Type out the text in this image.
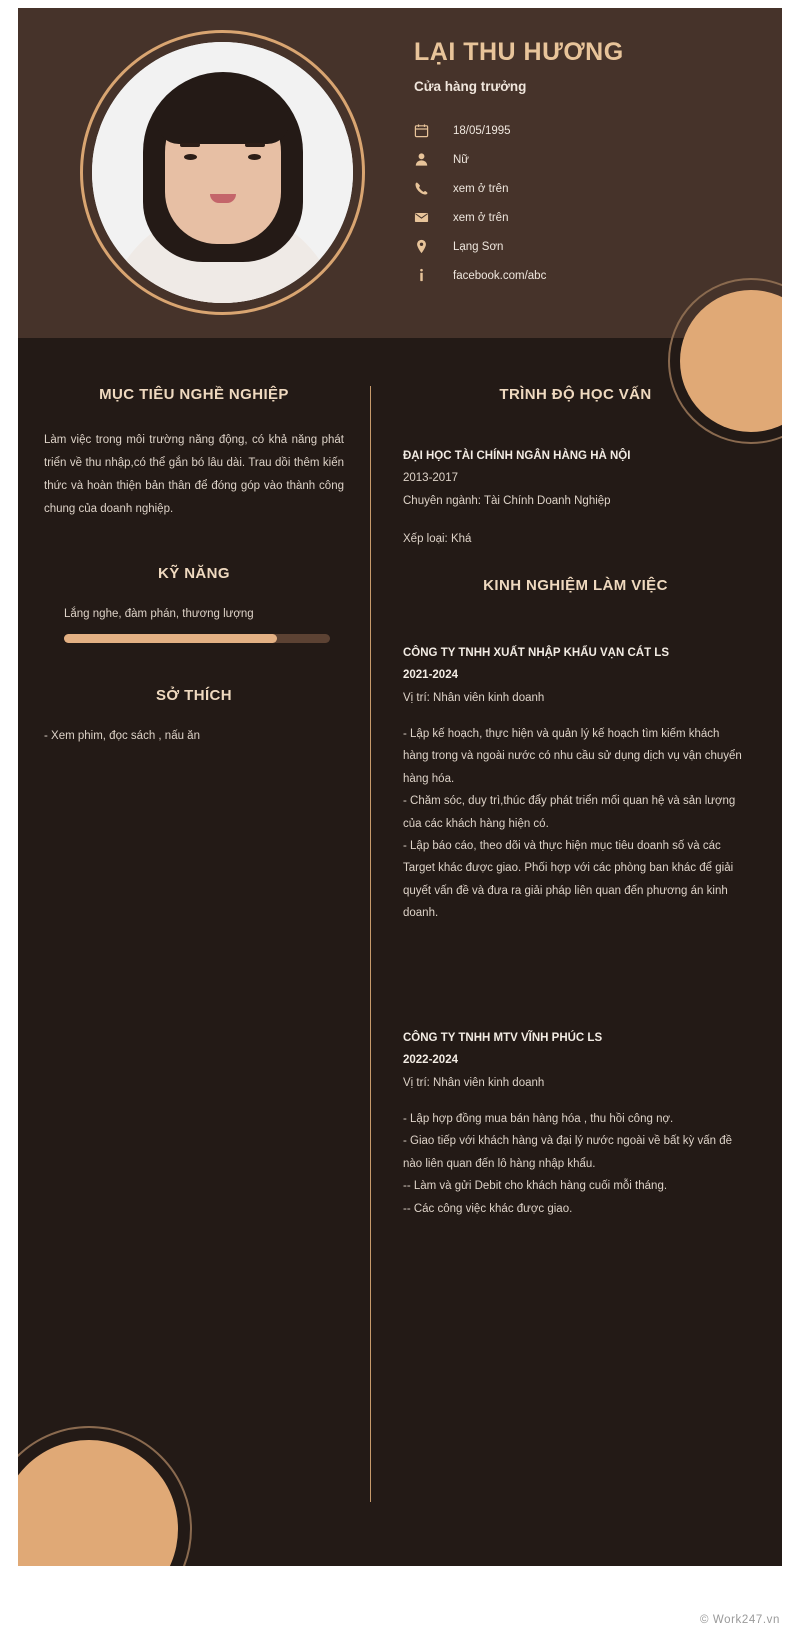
LẠI THU HƯƠNG
Cửa hàng trưởng
18/05/1995
Nữ
xem ở trên
xem ở trên
Lạng Sơn
facebook.com/abc
MỤC TIÊU NGHỀ NGHIỆP
Làm việc trong môi trường năng động, có khả năng phát triển về thu nhập,có thể gắn bó lâu dài. Trau dồi thêm kiến thức và hoàn thiện bản thân để đóng góp vào thành công chung của doanh nghiệp.
KỸ NĂNG
Lắng nghe, đàm phán, thương lượng
SỞ THÍCH
- Xem phim, đọc sách , nấu ăn
TRÌNH ĐỘ HỌC VẤN
ĐẠI HỌC TÀI CHÍNH NGÂN HÀNG HÀ NỘI
2013-2017
Chuyên ngành: Tài Chính Doanh Nghiệp
Xếp loại: Khá
KINH NGHIỆM LÀM VIỆC
CÔNG TY TNHH XUẤT NHẬP KHẨU VẠN CÁT LS
2021-2024
Vị trí: Nhân viên kinh doanh
- Lập kế hoạch, thực hiện và quản lý kế hoạch tìm kiếm khách hàng trong và ngoài nước có nhu cầu sử dụng dịch vụ vận chuyển hàng hóa.
- Chăm sóc, duy trì,thúc đẩy phát triển mối quan hệ và sản lượng của các khách hàng hiện có.
- Lập báo cáo, theo dõi và thực hiện mục tiêu doanh số và các Target khác được giao. Phối hợp với các phòng ban khác để giải quyết vấn đề và đưa ra giải pháp liên quan đến phương án kinh doanh.
CÔNG TY TNHH MTV VĨNH PHÚC LS
2022-2024
Vị trí: Nhân viên kinh doanh
- Lập hợp đồng mua bán hàng hóa , thu hồi công nợ.
- Giao tiếp với khách hàng và đại lý nước ngoài về bất kỳ vấn đề nào liên quan đến lô hàng nhập khẩu.
-- Làm và gửi Debit cho khách hàng cuối mỗi tháng.
-- Các công việc khác được giao.
© Work247.vn
